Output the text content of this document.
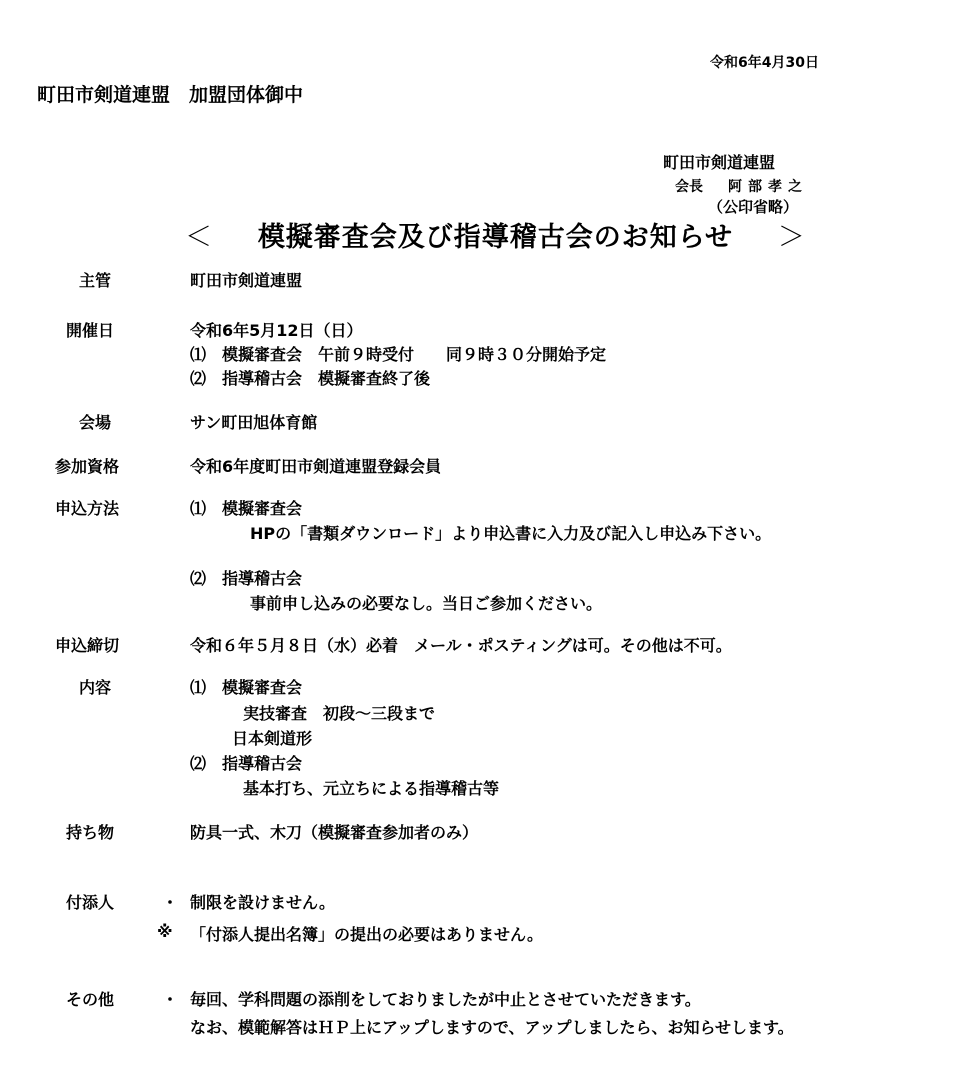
令和6年4月30日
町田市剣道連盟　加盟団体御中
町田市剣道連盟
会長 阿部孝之
（公印省略）
＜ 模擬審査会及び指導稽古会のお知らせ ＞
主管	町田市剣道連盟
開催日	令和6年5月12日（日）
⑴　模擬審査会　午前９時受付　　同９時３０分開始予定
⑵　指導稽古会　模擬審査終了後
会場	サン町田旭体育館
参加資格	令和6年度町田市剣道連盟登録会員
申込方法	⑴　模擬審査会
HPの「書類ダウンロード」より申込書に入力及び記入し申込み下さい。
⑵　指導稽古会
事前申し込みの必要なし。当日ご参加ください。
申込締切	令和６年５月８日（水）必着　メール・ポスティングは可。その他は不可。
内容	⑴　模擬審査会
実技審査　初段～三段まで
日本剣道形
⑵　指導稽古会
基本打ち、元立ちによる指導稽古等
持ち物	防具一式、木刀（模擬審査参加者のみ）
付添人	・ 制限を設けません。
※ 「付添人提出名簿」の提出の必要はありません。
その他	・ 毎回、学科問題の添削をしておりましたが中止とさせていただきます。
なお、模範解答はＨＰ上にアップしますので、アップしましたら、お知らせします。
